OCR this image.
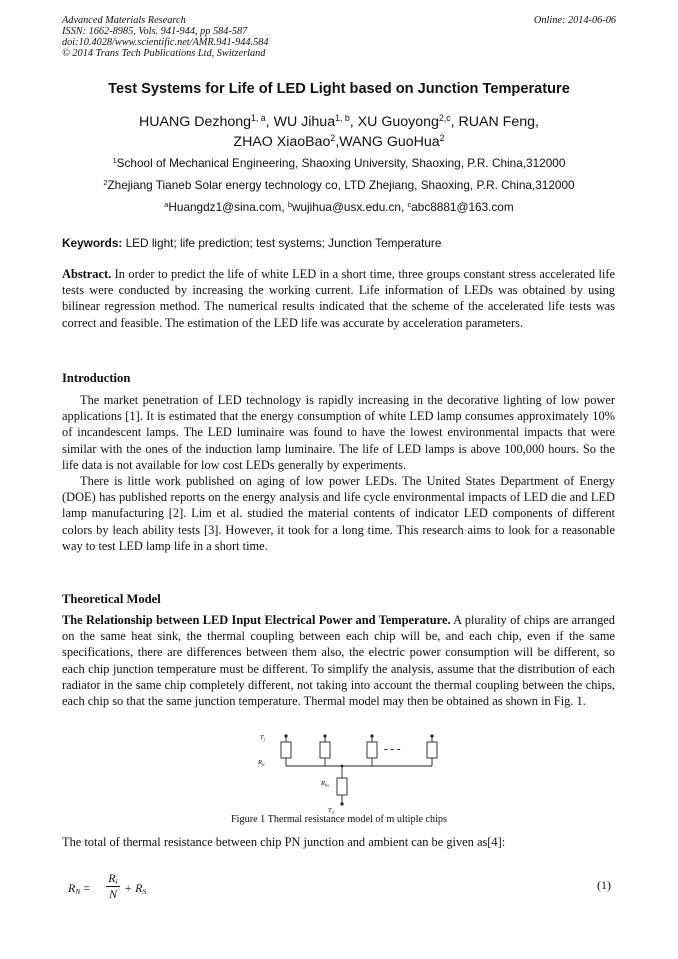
Advanced Materials Research
ISSN: 1662-8985, Vols. 941-944, pp 584-587
doi:10.4028/www.scientific.net/AMR.941-944.584
© 2014 Trans Tech Publications Ltd, Switzerland
Online: 2014-06-06
Test Systems for Life of LED Light based on Junction Temperature
HUANG Dezhong$^{1, a}$, WU Jihua$^{1, b}$, XU Guoyong$^{2,c}$, RUAN Feng,
ZHAO XiaoBao$^2$,WANG GuoHua$^2$
$^1$School of Mechanical Engineering, Shaoxing University, Shaoxing, P.R. China,312000
$^2$Zhejiang Tianeb Solar energy technology co, LTD Zhejiang, Shaoxing, P.R. China,312000
$^a$Huangdz1@sina.com, $^b$wujihua@usx.edu.cn, $^c$abc8881@163.com
Keywords: LED light; life prediction; test systems; Junction Temperature

Abstract. In order to predict the life of white LED in a short time, three groups constant stress accelerated life tests were conducted by increasing the working current. Life information of LEDs was obtained by using bilinear regression method. The numerical results indicated that the scheme of the accelerated life tests was correct and feasible. The estimation of the LED life was accurate by acceleration parameters.

Introduction

The market penetration of LED technology is rapidly increasing in the decorative lighting of low power applications [1]. It is estimated that the energy consumption of white LED lamp consumes approximately 10% of incandescent lamps. The LED luminaire was found to have the lowest environmental impacts that were similar with the ones of the induction lamp luminaire. The life of LED lamps is above 100,000 hours. So the life data is not available for low cost LEDs generally by experiments.

There is little work published on aging of low power LEDs. The United States Department of Energy (DOE) has published reports on the energy analysis and life cycle environmental impacts of LED die and LED lamp manufacturing [2]. Lim et al. studied the material contents of indicator LED components of different colors by leach ability tests [3]. However, it took for a long time. This research aims to look for a reasonable way to test LED lamp life in a short time.

Theoretical Model

The Relationship between LED Input Electrical Power and Temperature. A plurality of chips are arranged on the same heat sink, the thermal coupling between each chip will be, and each chip, even if the same specifications, there are differences between them also, the electric power consumption will be different, so each chip junction temperature must be different. To simplify the analysis, assume that the distribution of each radiator in the same chip completely different, not taking into account the thermal coupling between the chips, each chip so that the same junction temperature. Thermal model may then be obtained as shown in Fig. 1.

$T_j$
$R_{jc}$
$R_{hs}$
$T_a$
- - -
Figure 1 Thermal resistance model of m ultiple chips
The total of thermal resistance between chip PN junction and ambient can be given as[4]:
$R_N$ =
$R_i$
$N + R_S$	(1)
